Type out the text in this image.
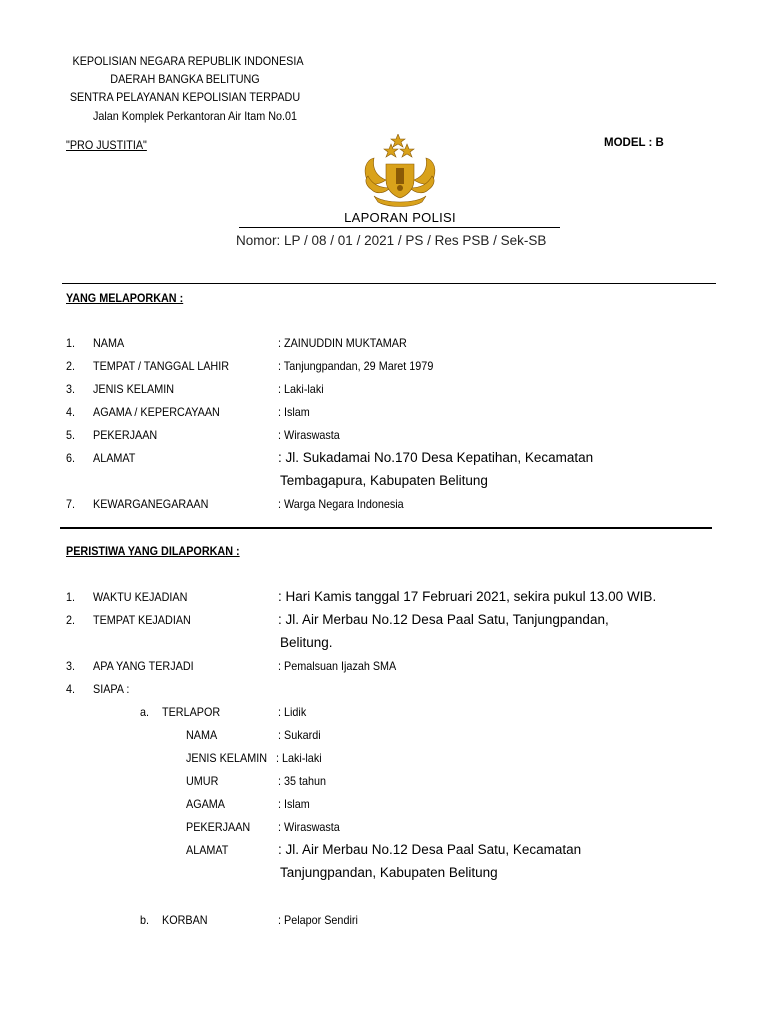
KEPOLISIAN NEGARA REPUBLIK INDONESIA
DAERAH BANGKA BELITUNG
SENTRA PELAYANAN KEPOLISIAN TERPADU
Jalan Komplek Perkantoran Air Itam No.01
"PRO JUSTITIA"	MODEL : B
LAPORAN POLISI
Nomor: LP / 08 / 01 / 2021 / PS / Res PSB / Sek-SB
YANG MELAPORKAN :
1. NAMA	: ZAINUDDIN MUKTAMAR
2. TEMPAT / TANGGAL LAHIR	: Tanjungpandan, 29 Maret 1979
3. JENIS KELAMIN	: Laki-laki
4. AGAMA / KEPERCAYAAN	: Islam
5. PEKERJAAN	: Wiraswasta
6. ALAMAT	: Jl. Sukadamai No.170 Desa Kepatihan, Kecamatan
Tembagapura, Kabupaten Belitung
7. KEWARGANEGARAAN	: Warga Negara Indonesia
PERISTIWA YANG DILAPORKAN :
1. WAKTU KEJADIAN	: Hari Kamis tanggal 17 Februari 2021, sekira pukul 13.00 WIB.
2. TEMPAT KEJADIAN	: Jl. Air Merbau No.12 Desa Paal Satu, Tanjungpandan,
Belitung.
3. APA YANG TERJADI	: Pemalsuan Ijazah SMA
4. SIAPA :
a. TERLAPOR	: Lidik
NAMA	: Sukardi
JENIS KELAMIN : Laki-laki
UMUR	: 35 tahun
AGAMA	: Islam
PEKERJAAN : Wiraswasta
ALAMAT	: Jl. Air Merbau No.12 Desa Paal Satu, Kecamatan
Tanjungpandan, Kabupaten Belitung
b. KORBAN	: Pelapor Sendiri
